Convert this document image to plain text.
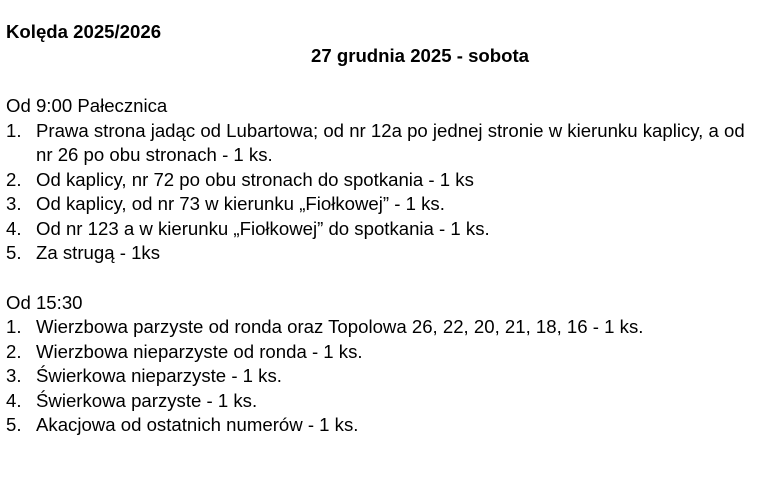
Kolęda 2025/2026
27 grudnia 2025 - sobota
Od 9:00 Pałecznica
1. Prawa strona jadąc od Lubartowa; od nr 12a po jednej stronie w kierunku kaplicy, a od nr 26 po obu stronach - 1 ks.
2. Od kaplicy, nr 72 po obu stronach do spotkania - 1 ks
3. Od kaplicy, od nr 73 w kierunku „Fiołkowej” - 1 ks.
4. Od nr 123 a w kierunku „Fiołkowej” do spotkania - 1 ks.
5. Za strugą - 1ks
Od 15:30
1. Wierzbowa parzyste od ronda oraz Topolowa 26, 22, 20, 21, 18, 16 - 1 ks.
2. Wierzbowa nieparzyste od ronda - 1 ks.
3. Świerkowa nieparzyste - 1 ks.
4. Świerkowa parzyste - 1 ks.
5. Akacjowa od ostatnich numerów - 1 ks.
